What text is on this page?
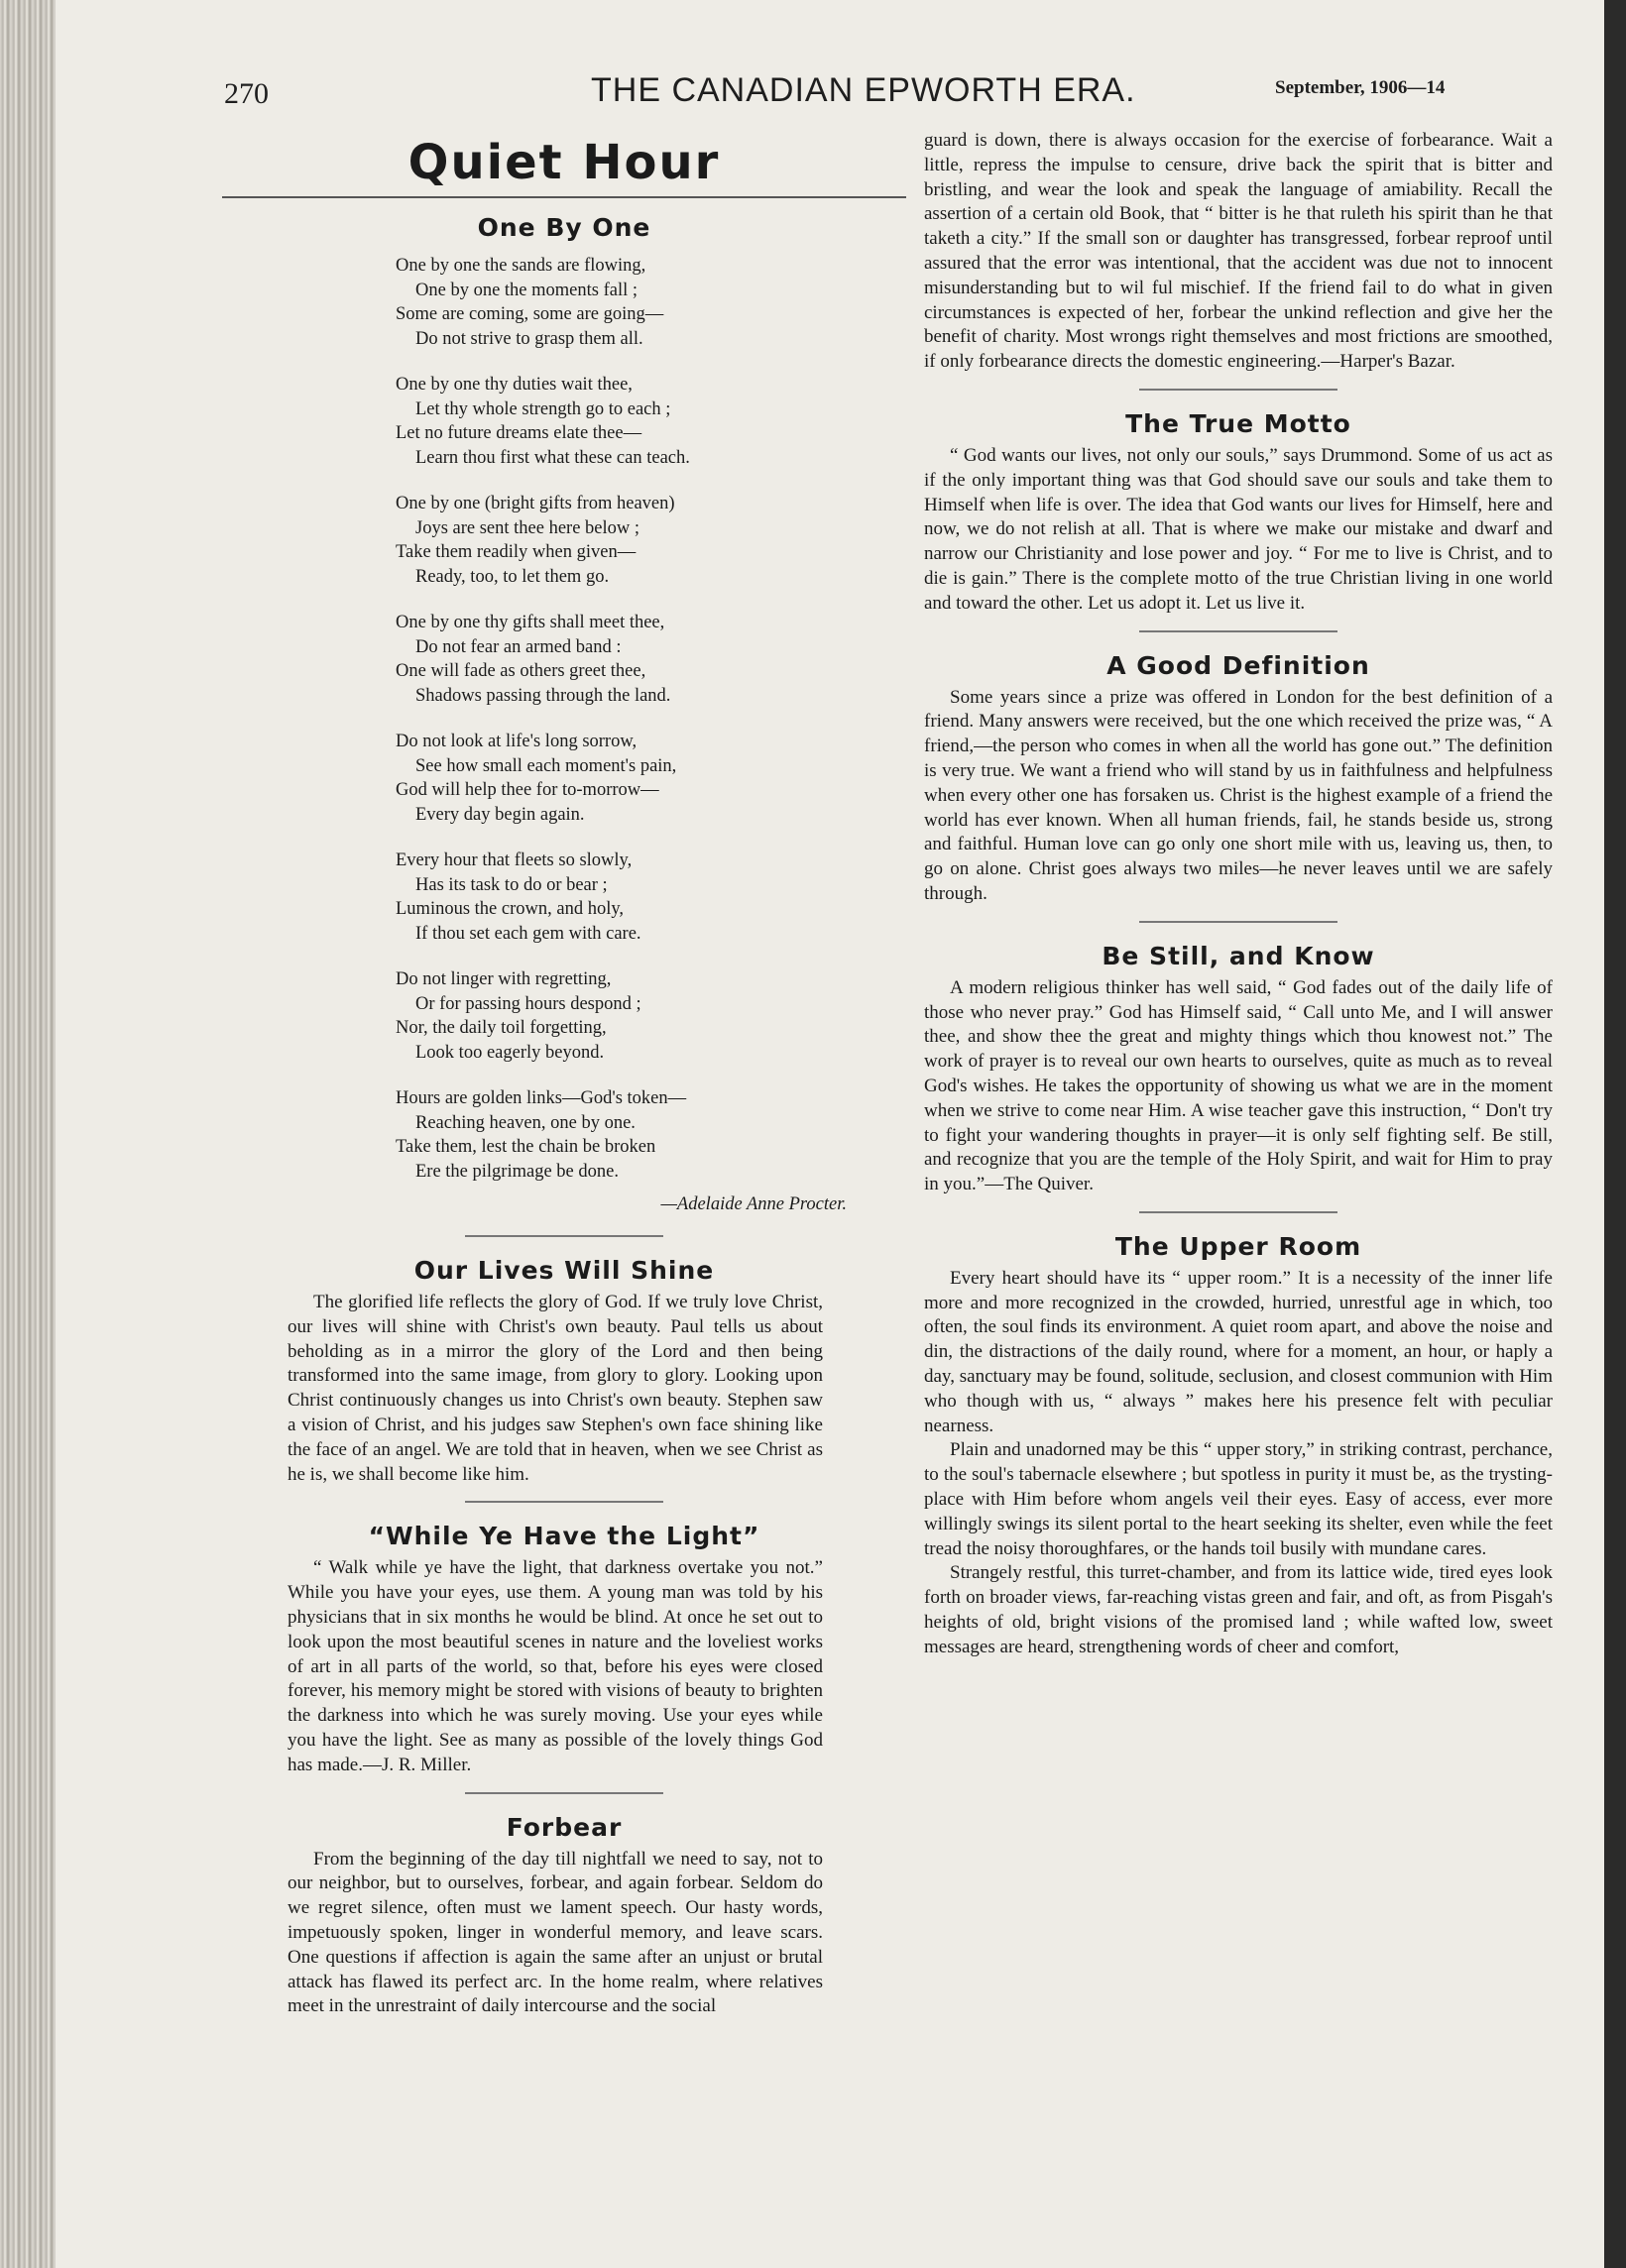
270	THE CANADIAN EPWORTH ERA.	September, 1906—14
Quiet Hour
One By One
One by one the sands are flowing,
One by one the moments fall ;
Some are coming, some are going—
Do not strive to grasp them all.
One by one thy duties wait thee,
Let thy whole strength go to each ;
Let no future dreams elate thee—
Learn thou first what these can teach.
One by one (bright gifts from heaven)
Joys are sent thee here below ;
Take them readily when given—
Ready, too, to let them go.
One by one thy gifts shall meet thee,
Do not fear an armed band :
One will fade as others greet thee,
Shadows passing through the land.
Do not look at life's long sorrow,
See how small each moment's pain,
God will help thee for to-morrow—
Every day begin again.
Every hour that fleets so slowly,
Has its task to do or bear ;
Luminous the crown, and holy,
If thou set each gem with care.
Do not linger with regretting,
Or for passing hours despond ;
Nor, the daily toil forgetting,
Look too eagerly beyond.
Hours are golden links—God's token—
Reaching heaven, one by one.
Take them, lest the chain be broken
Ere the pilgrimage be done.
—Adelaide Anne Procter.
Our Lives Will Shine

The glorified life reflects the glory of God. If we truly love Christ, our lives will shine with Christ's own beauty. Paul tells us about beholding as in a mirror the glory of the Lord and then being transformed into the same image, from glory to glory. Looking upon Christ continuously changes us into Christ's own beauty. Stephen saw a vision of Christ, and his judges saw Stephen's own face shining like the face of an angel. We are told that in heaven, when we see Christ as he is, we shall become like him.

“While Ye Have the Light”

“ Walk while ye have the light, that darkness overtake you not.” While you have your eyes, use them. A young man was told by his physicians that in six months he would be blind. At once he set out to look upon the most beautiful scenes in nature and the loveliest works of art in all parts of the world, so that, before his eyes were closed forever, his memory might be stored with visions of beauty to brighten the darkness into which he was surely moving. Use your eyes while you have the light. See as many as possible of the lovely things God has made.—J. R. Miller.

Forbear

From the beginning of the day till nightfall we need to say, not to our neighbor, but to ourselves, forbear, and again forbear. Seldom do we regret silence, often must we lament speech. Our hasty words, impetuously spoken, linger in wonderful memory, and leave scars. One questions if affection is again the same after an unjust or brutal attack has flawed its perfect arc. In the home realm, where relatives meet in the unrestraint of daily intercourse and the social

guard is down, there is always occasion for the exercise of forbearance. Wait a little, repress the impulse to censure, drive back the spirit that is bitter and bristling, and wear the look and speak the language of amiability. Recall the assertion of a certain old Book, that “ bitter is he that ruleth his spirit than he that taketh a city.” If the small son or daughter has transgressed, forbear reproof until assured that the error was intentional, that the accident was due not to innocent misunderstanding but to wil ful mischief. If the friend fail to do what in given circumstances is expected of her, forbear the unkind reflection and give her the benefit of charity. Most wrongs right themselves and most frictions are smoothed, if only forbearance directs the domestic engineering.—Harper's Bazar.

The True Motto

“ God wants our lives, not only our souls,” says Drummond. Some of us act as if the only important thing was that God should save our souls and take them to Himself when life is over. The idea that God wants our lives for Himself, here and now, we do not relish at all. That is where we make our mistake and dwarf and narrow our Christianity and lose power and joy. “ For me to live is Christ, and to die is gain.” There is the complete motto of the true Christian living in one world and toward the other. Let us adopt it. Let us live it.

A Good Definition

Some years since a prize was offered in London for the best definition of a friend. Many answers were received, but the one which received the prize was, “ A friend,—the person who comes in when all the world has gone out.” The definition is very true. We want a friend who will stand by us in faithfulness and helpfulness when every other one has forsaken us. Christ is the highest example of a friend the world has ever known. When all human friends, fail, he stands beside us, strong and faithful. Human love can go only one short mile with us, leaving us, then, to go on alone. Christ goes always two miles—he never leaves until we are safely through.

Be Still, and Know

A modern religious thinker has well said, “ God fades out of the daily life of those who never pray.” God has Himself said, “ Call unto Me, and I will answer thee, and show thee the great and mighty things which thou knowest not.” The work of prayer is to reveal our own hearts to ourselves, quite as much as to reveal God's wishes. He takes the opportunity of showing us what we are in the moment when we strive to come near Him. A wise teacher gave this instruction, “ Don't try to fight your wandering thoughts in prayer—it is only self fighting self. Be still, and recognize that you are the temple of the Holy Spirit, and wait for Him to pray in you.”—The Quiver.

The Upper Room

Every heart should have its “ upper room.” It is a necessity of the inner life more and more recognized in the crowded, hurried, unrestful age in which, too often, the soul finds its environment. A quiet room apart, and above the noise and din, the distractions of the daily round, where for a moment, an hour, or haply a day, sanctuary may be found, solitude, seclusion, and closest communion with Him who though with us, “ always ” makes here his presence felt with peculiar nearness.

Plain and unadorned may be this “ upper story,” in striking contrast, perchance, to the soul's tabernacle elsewhere ; but spotless in purity it must be, as the trysting-place with Him before whom angels veil their eyes. Easy of access, ever more willingly swings its silent portal to the heart seeking its shelter, even while the feet tread the noisy thoroughfares, or the hands toil busily with mundane cares.

Strangely restful, this turret-chamber, and from its lattice wide, tired eyes look forth on broader views, far-reaching vistas green and fair, and oft, as from Pisgah's heights of old, bright visions of the promised land ; while wafted low, sweet messages are heard, strengthening words of cheer and comfort,
